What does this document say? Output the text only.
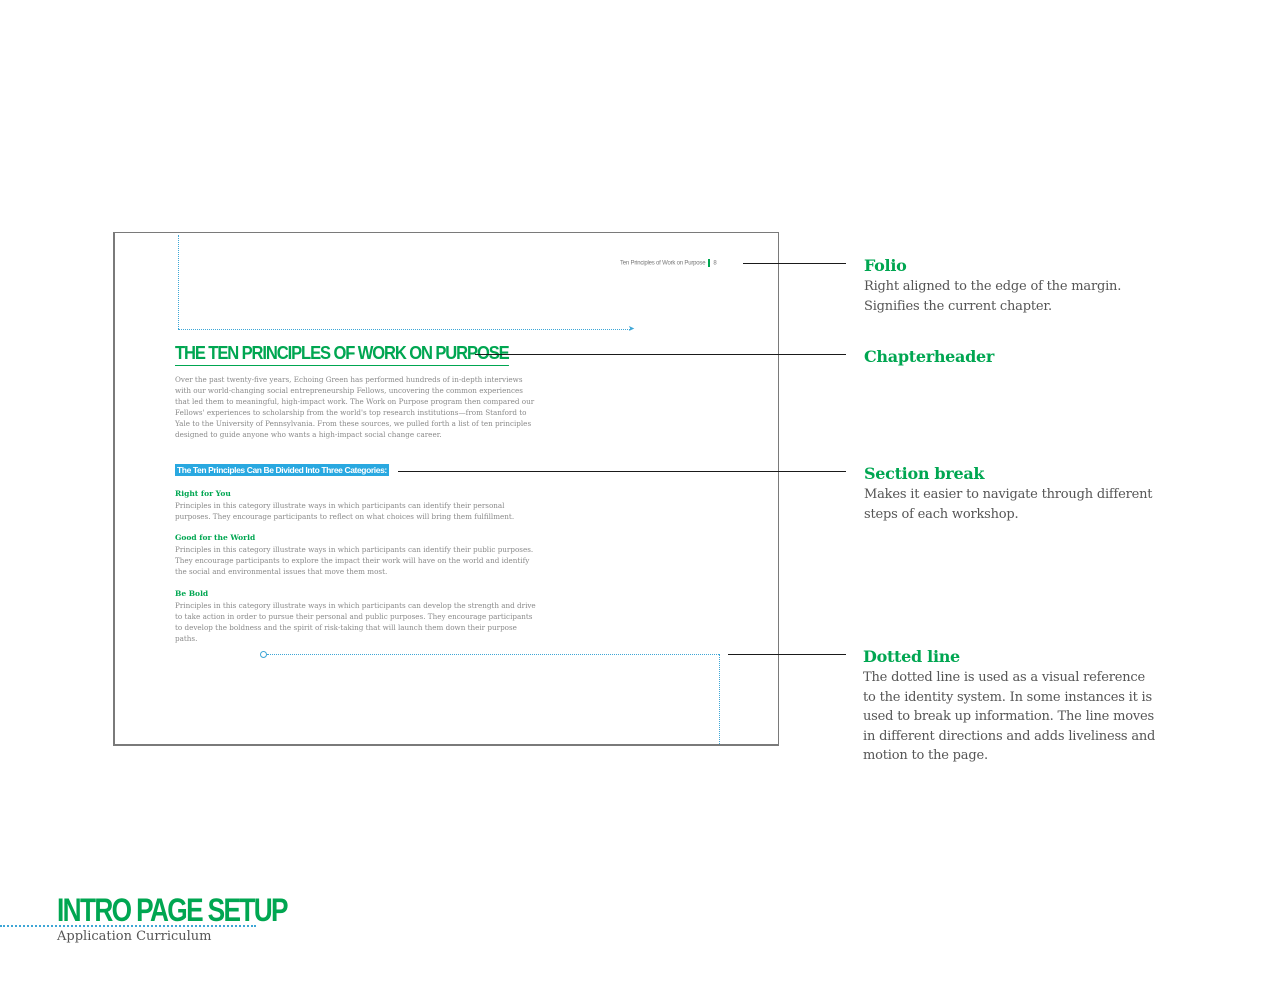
➤
Ten Principles of Work on Purpose 8
THE TEN PRINCIPLES OF WORK ON PURPOSE

Over the past twenty-five years, Echoing Green has performed hundreds of in-depth interviews with our world-changing social entrepreneurship Fellows, uncovering the common experiences that led them to meaningful, high-impact work. The Work on Purpose program then compared our Fellows' experiences to scholarship from the world's top research institutions—from Stanford to Yale to the University of Pennsylvania. From these sources, we pulled forth a list of ten principles designed to guide anyone who wants a high-impact social change career.

The Ten Principles Can Be Divided Into Three Categories:

Right for You

Principles in this category illustrate ways in which participants can identify their personal purposes. They encourage participants to reflect on what choices will bring them fulfillment.

Good for the World

Principles in this category illustrate ways in which participants can identify their public purposes. They encourage participants to explore the impact their work will have on the world and identify the social and environmental issues that move them most.

Be Bold

Principles in this category illustrate ways in which participants can develop the strength and drive to take action in order to pursue their personal and public purposes. They encourage participants to develop the boldness and the spirit of risk-taking that will launch them down their purpose paths.

Folio

Right aligned to the edge of the margin. Signifies the current chapter.

Chapterheader

Section break

Makes it easier to navigate through different steps of each workshop.

Dotted line

The dotted line is used as a visual reference to the identity system. In some instances it is used to break up information. The line moves in different directions and adds liveliness and motion to the page.

INTRO PAGE SETUP

Application Curriculum
